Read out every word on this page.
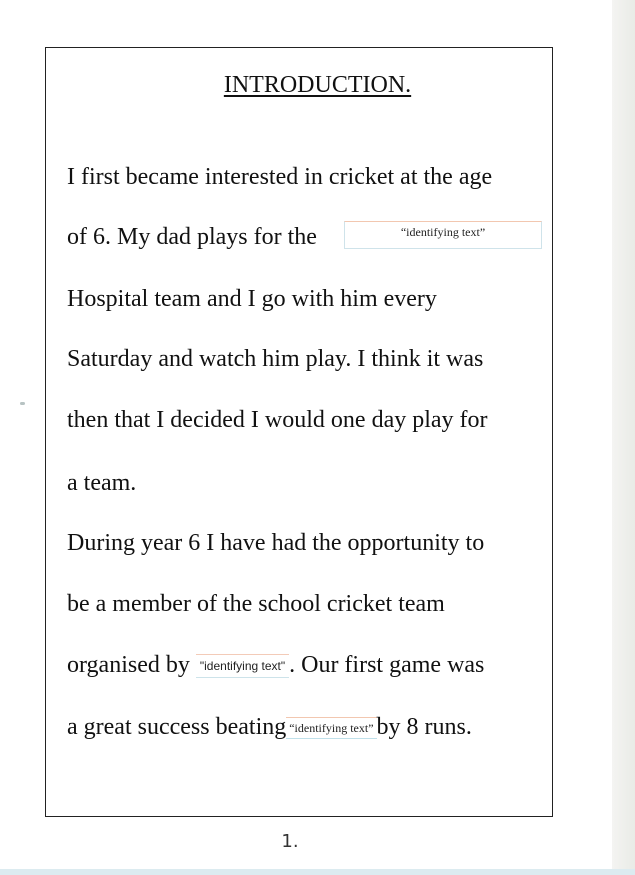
INTRODUCTION.
I first became interested in cricket at the age
of 6. My dad plays for the	“identifying text”
Hospital team and I go with him every
Saturday and watch him play. I think it was
then that I decided I would one day play for
a team.
During year 6 I have had the opportunity to
be a member of the school cricket team
organised by "identifying text" . Our first game was
a great success beating “identifying text” by 8 runs.
1.
